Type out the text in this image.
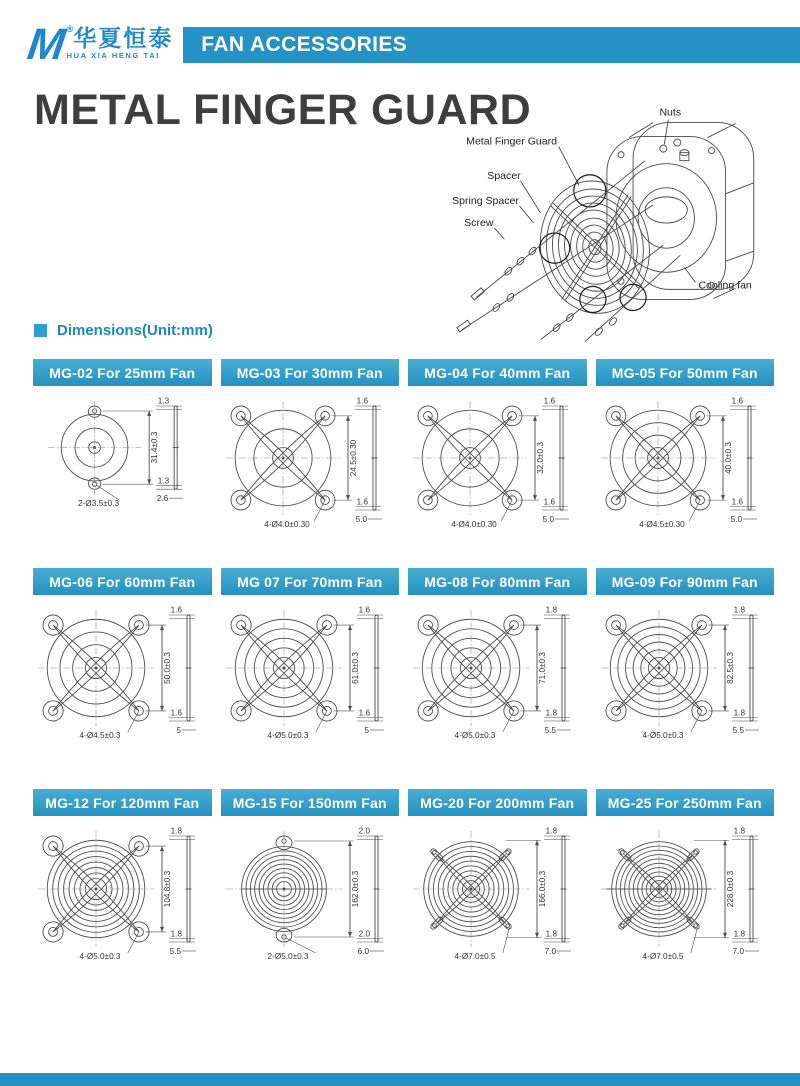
M ® 华夏恒泰
HUA XIA HENG TAI	FAN ACCESSORIES
METAL FINGER GUARD	Nuts
Metal Finger Guard
Spacer
Spring Spacer
Screw
Cooling fan
Dimensions(Unit:mm)
MG-02 For 25mm Fan
31.4±0.3
2-Ø3.5±0.3
1.3
1.3
2.6
MG-03 For 30mm Fan
24.5±0.30
4-Ø4.0±0.30
1.6
1.6
5.0
MG-04 For 40mm Fan
32.0±0.3
4-Ø4.0±0.30
1.6
1.6
5.0
MG-05 For 50mm Fan
40.0±0.3
4-Ø4.5±0.30
1.6
1.6
5.0
MG-06 For 60mm Fan
50.0±0.3
4-Ø4.5±0.3
1.6
1.6
5
MG 07 For 70mm Fan
61.0±0.3
4-Ø5.0±0.3
1.6
1.6
5
MG-08 For 80mm Fan
71.0±0.3
4-Ø5.0±0.3
1.8
1.8
5.5
MG-09 For 90mm Fan
82.5±0.3
4-Ø5.0±0.3
1.8
1.8
5.5
MG-12 For 120mm Fan
104.8±0.3
4-Ø5.0±0.3
1.8
1.8
5.5
MG-15 For 150mm Fan
162.0±0.3
2-Ø5.0±0.3
2.0
2.0
6.0
MG-20 For 200mm Fan
166.0±0.3
4-Ø7.0±0.5
1.8
1.8
7.0
MG-25 For 250mm Fan
228.0±0.3
4-Ø7.0±0.5
1.8
1.8
7.0
